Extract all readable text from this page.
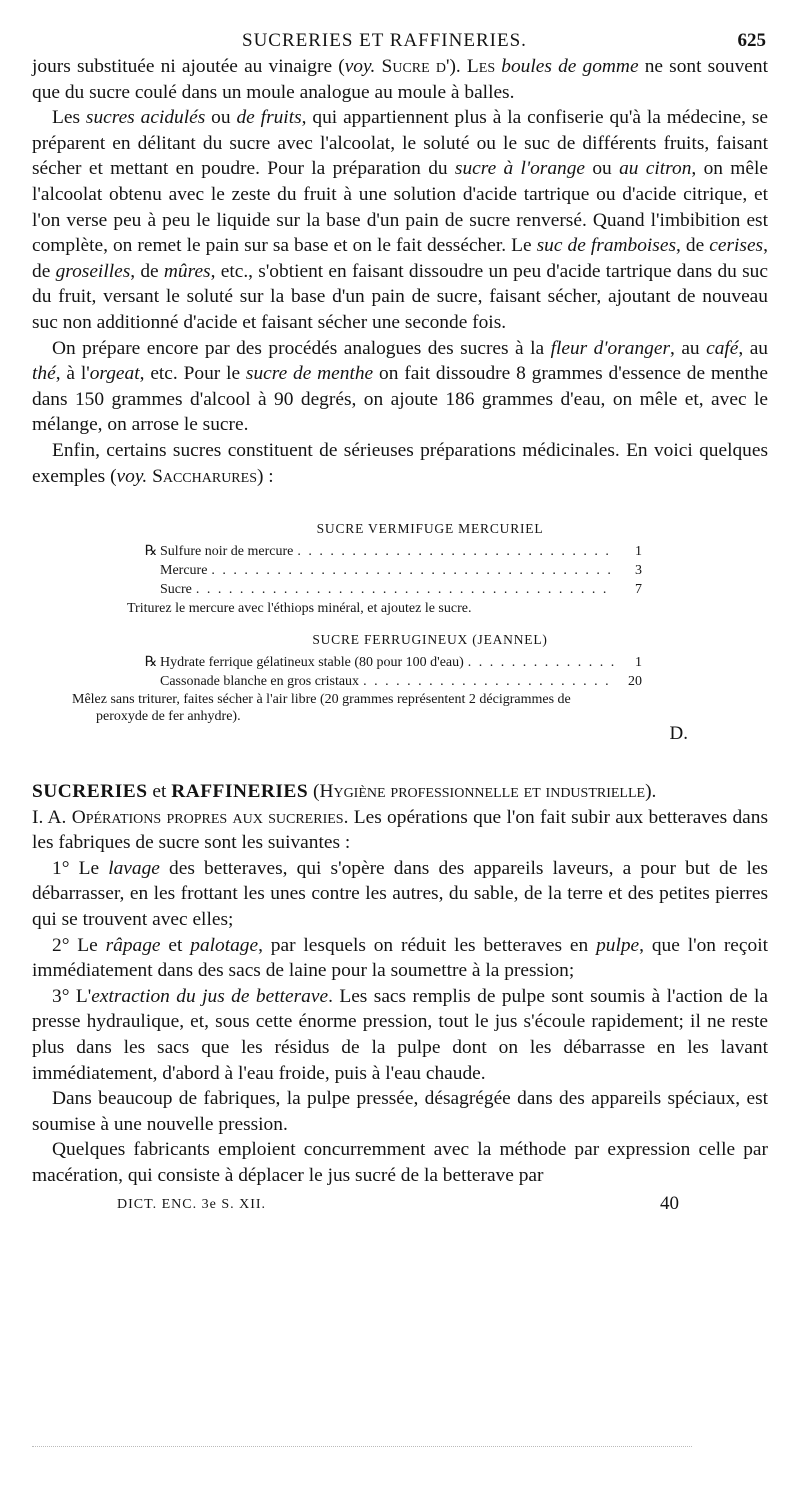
SUCRERIES ET RAFFINERIES.	625

jours substituée ni ajoutée au vinaigre (voy. Sucre d'). Les boules de gomme ne sont souvent que du sucre coulé dans un moule analogue au moule à balles.

Les sucres acidulés ou de fruits, qui appartiennent plus à la confiserie qu'à la médecine, se préparent en délitant du sucre avec l'alcoolat, le soluté ou le suc de différents fruits, faisant sécher et mettant en poudre. Pour la préparation du sucre à l'orange ou au citron, on mêle l'alcoolat obtenu avec le zeste du fruit à une solution d'acide tartrique ou d'acide citrique, et l'on verse peu à peu le liquide sur la base d'un pain de sucre renversé. Quand l'imbibition est complète, on remet le pain sur sa base et on le fait dessécher. Le suc de framboises, de cerises, de groseilles, de mûres, etc., s'obtient en faisant dissoudre un peu d'acide tartrique dans du suc du fruit, versant le soluté sur la base d'un pain de sucre, faisant sécher, ajoutant de nouveau suc non additionné d'acide et faisant sécher une seconde fois.

On prépare encore par des procédés analogues des sucres à la fleur d'oranger, au café, au thé, à l'orgeat, etc. Pour le sucre de menthe on fait dissoudre 8 grammes d'essence de menthe dans 150 grammes d'alcool à 90 degrés, on ajoute 186 grammes d'eau, on mêle et, avec le mélange, on arrose le sucre.

Enfin, certains sucres constituent de sérieuses préparations médicinales. En voici quelques exemples (voy. Saccharures) :

SUCRE VERMIFUGE MERCURIEL
℞ Sulfure noir de mercure . . .	1
Mercure . . .	3
Sucre . . .	7
Triturez le mercure avec l'éthiops minéral, et ajoutez le sucre.
SUCRE FERRUGINEUX (JEANNEL)
℞ Hydrate ferrique gélatineux stable (80 pour 100 d'eau) . . .	1
Cassonade blanche en gros cristaux . . .	20
Mêlez sans triturer, faites sécher à l'air libre (20 grammes représentent 2 décigrammes de
peroxyde de fer anhydre).
D.

SUCRERIES et RAFFINERIES (Hygiène professionnelle et industrielle).

I. A. Opérations propres aux sucreries. Les opérations que l'on fait subir aux betteraves dans les fabriques de sucre sont les suivantes :

1° Le lavage des betteraves, qui s'opère dans des appareils laveurs, a pour but de les débarrasser, en les frottant les unes contre les autres, du sable, de la terre et des petites pierres qui se trouvent avec elles;

2° Le râpage et palotage, par lesquels on réduit les betteraves en pulpe, que l'on reçoit immédiatement dans des sacs de laine pour la soumettre à la pression;

3° L'extraction du jus de betterave. Les sacs remplis de pulpe sont soumis à l'action de la presse hydraulique, et, sous cette énorme pression, tout le jus s'écoule rapidement; il ne reste plus dans les sacs que les résidus de la pulpe dont on les débarrasse en les lavant immédiatement, d'abord à l'eau froide, puis à l'eau chaude.

Dans beaucoup de fabriques, la pulpe pressée, désagrégée dans des appareils spéciaux, est soumise à une nouvelle pression.

Quelques fabricants emploient concurremment avec la méthode par expression celle par macération, qui consiste à déplacer le jus sucré de la betterave par

DICT. ENC. 3e S. XII.	40
